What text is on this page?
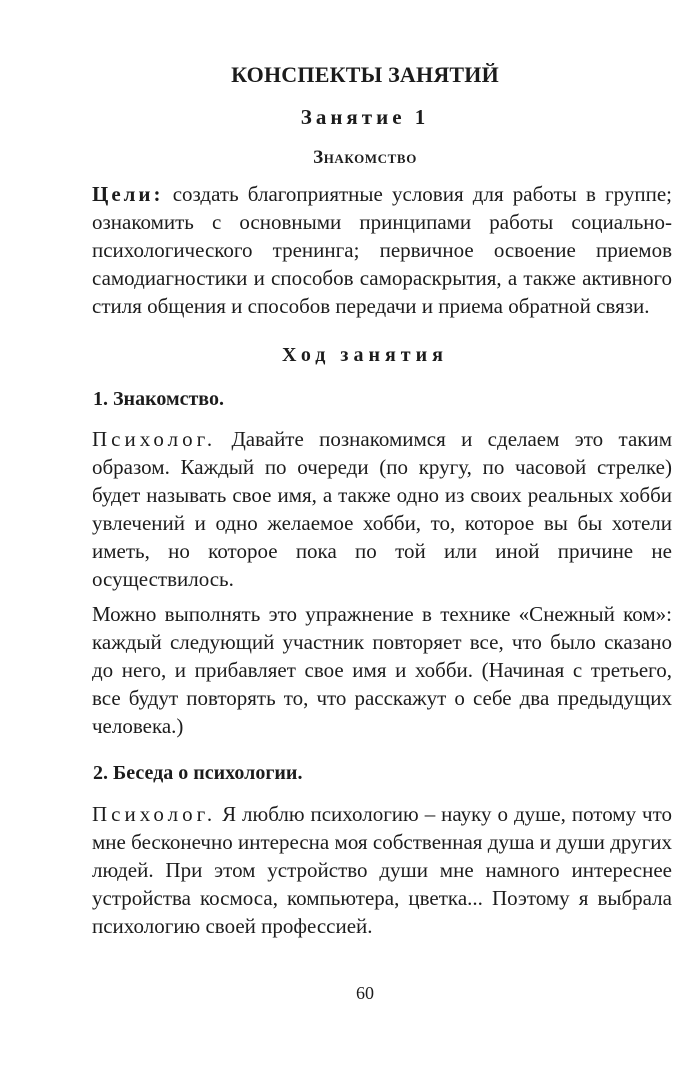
КОНСПЕКТЫ ЗАНЯТИЙ
Занятие 1
Знакомство

Цели: создать благоприятные условия для работы в группе; ознакомить с основными принципами работы социально-психологического тренинга; первичное освоение приемов самодиагностики и способов самораскрытия, а также активного стиля общения и способов передачи и приема обратной связи.

Ход занятия
1. Знакомство.

Психолог. Давайте познакомимся и сделаем это таким образом. Каждый по очереди (по кругу, по часовой стрелке) будет называть свое имя, а также одно из своих реальных хобби увлечений и одно желаемое хобби, то, которое вы бы хотели иметь, но которое пока по той или иной причине не осуществилось.

Можно выполнять это упражнение в технике «Снежный ком»: каждый следующий участник повторяет все, что было сказано до него, и прибавляет свое имя и хобби. (Начиная с третьего, все будут повторять то, что расскажут о себе два предыдущих человека.)

2. Беседа о психологии.

Психолог. Я люблю психологию – науку о душе, потому что мне бесконечно интересна моя собственная душа и души других людей. При этом устройство души мне намного интереснее устройства космоса, компьютера, цветка... Поэтому я выбрала психологию своей профессией.

60
